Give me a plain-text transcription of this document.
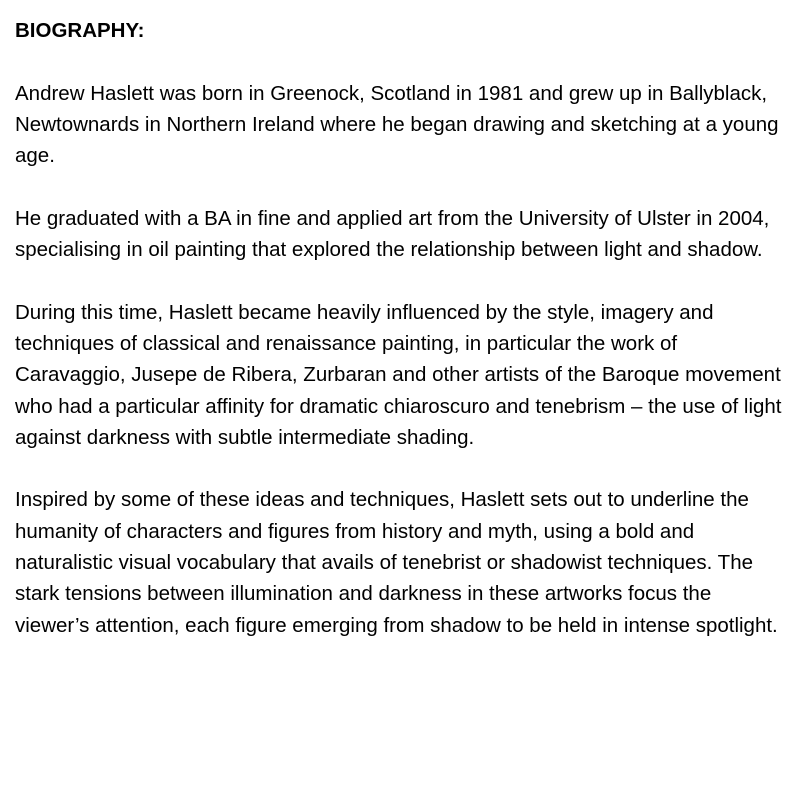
BIOGRAPHY:

Andrew Haslett was born in Greenock, Scotland in 1981 and grew up in Ballyblack, Newtownards in Northern Ireland where he began drawing and sketching at a young age.

He graduated with a BA in fine and applied art from the University of Ulster in 2004, specialising in oil painting that explored the relationship between light and shadow.

During this time, Haslett became heavily influenced by the style, imagery and techniques of classical and renaissance painting, in particular the work of Caravaggio, Jusepe de Ribera, Zurbaran and other artists of the Baroque movement who had a particular affinity for dramatic chiaroscuro and tenebrism – the use of light against darkness with subtle intermediate shading.

Inspired by some of these ideas and techniques, Haslett sets out to underline the humanity of characters and figures from history and myth, using a bold and naturalistic visual vocabulary that avails of tenebrist or shadowist techniques. The stark tensions between illumination and darkness in these artworks focus the viewer’s attention, each figure emerging from shadow to be held in intense spotlight.
